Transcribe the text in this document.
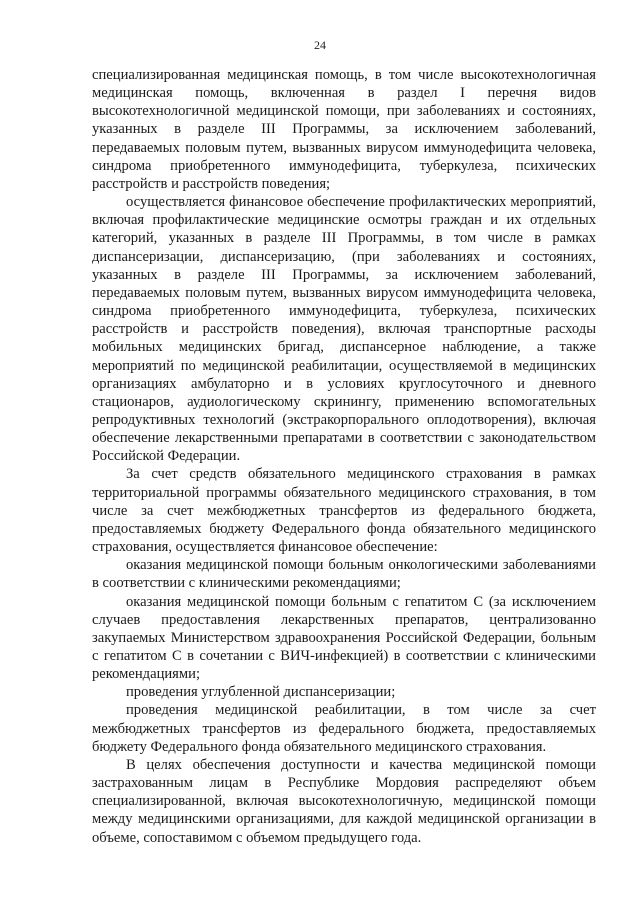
24

специализированная медицинская помощь, в том числе высокотехнологичная медицинская помощь, включенная в раздел I перечня видов высокотехнологичной медицинской помощи, при заболеваниях и состояниях, указанных в разделе III Программы, за исключением заболеваний, передаваемых половым путем, вызванных вирусом иммунодефицита человека, синдрома приобретенного иммунодефицита, туберкулеза, психических расстройств и расстройств поведения;

осуществляется финансовое обеспечение профилактических мероприятий, включая профилактические медицинские осмотры граждан и их отдельных категорий, указанных в разделе III Программы, в том числе в рамках диспансеризации, диспансеризацию, (при заболеваниях и состояниях, указанных в разделе III Программы, за исключением заболеваний, передаваемых половым путем, вызванных вирусом иммунодефицита человека, синдрома приобретенного иммунодефицита, туберкулеза, психических расстройств и расстройств поведения), включая транспортные расходы мобильных медицинских бригад, диспансерное наблюдение, а также мероприятий по медицинской реабилитации, осуществляемой в медицинских организациях амбулаторно и в условиях круглосуточного и дневного стационаров, аудиологическому скринингу, применению вспомогательных репродуктивных технологий (экстракорпорального оплодотворения), включая обеспечение лекарственными препаратами в соответствии с законодательством Российской Федерации.

За счет средств обязательного медицинского страхования в рамках территориальной программы обязательного медицинского страхования, в том числе за счет межбюджетных трансфертов из федерального бюджета, предоставляемых бюджету Федерального фонда обязательного медицинского страхования, осуществляется финансовое обеспечение:

оказания медицинской помощи больным онкологическими заболеваниями в соответствии с клиническими рекомендациями;

оказания медицинской помощи больным с гепатитом С (за исключением случаев предоставления лекарственных препаратов, централизованно закупаемых Министерством здравоохранения Российской Федерации, больным с гепатитом С в сочетании с ВИЧ-инфекцией) в соответствии с клиническими рекомендациями;

проведения углубленной диспансеризации;

проведения медицинской реабилитации, в том числе за счет межбюджетных трансфертов из федерального бюджета, предоставляемых бюджету Федерального фонда обязательного медицинского страхования.

В целях обеспечения доступности и качества медицинской помощи застрахованным лицам в Республике Мордовия распределяют объем специализированной, включая высокотехнологичную, медицинской помощи между медицинскими организациями, для каждой медицинской организации в объеме, сопоставимом с объемом предыдущего года.
